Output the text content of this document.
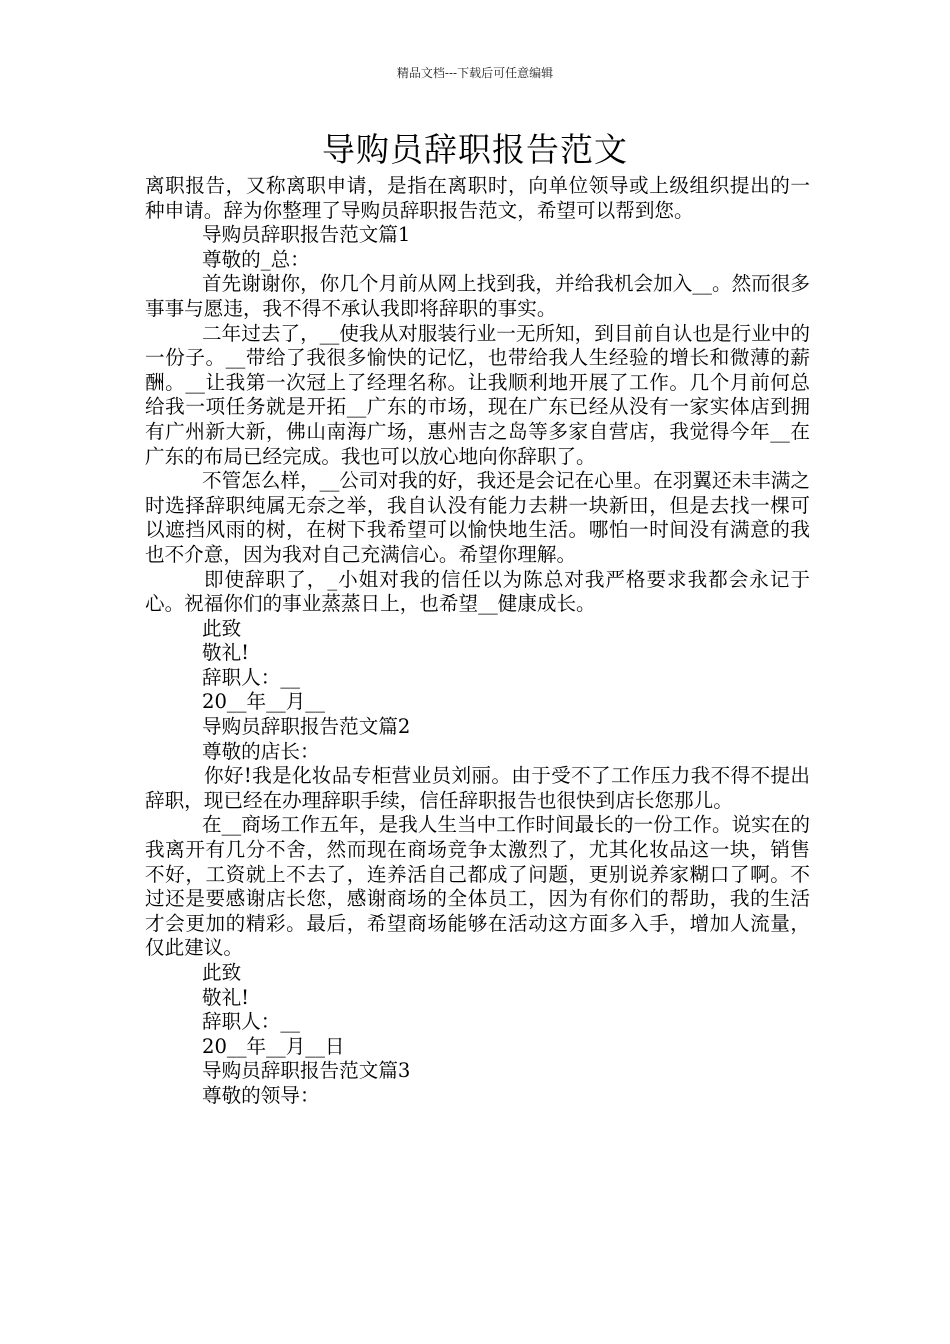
精品文档---下载后可任意编辑
导购员辞职报告范文

离职报告，又称离职申请，是指在离职时，向单位领导或上级组织提出的一种申请。辞为你整理了导购员辞职报告范文，希望可以帮到您。

导购员辞职报告范文篇1

尊敬的_总：

首先谢谢你，你几个月前从网上找到我，并给我机会加入__。然而很多事事与愿违，我不得不承认我即将辞职的事实。

二年过去了，__使我从对服装行业一无所知，到目前自认也是行业中的一份子。__带给了我很多愉快的记忆，也带给我人生经验的增长和微薄的薪酬。__让我第一次冠上了经理名称。让我顺利地开展了工作。几个月前何总给我一项任务就是开拓__广东的市场，现在广东已经从没有一家实体店到拥有广州新大新，佛山南海广场，惠州吉之岛等多家自营店，我觉得今年__在广东的布局已经完成。我也可以放心地向你辞职了。

不管怎么样，__公司对我的好，我还是会记在心里。在羽翼还未丰满之时选择辞职纯属无奈之举，我自认没有能力去耕一块新田，但是去找一棵可以遮挡风雨的树，在树下我希望可以愉快地生活。哪怕一时间没有满意的我也不介意，因为我对自己充满信心。希望你理解。

即使辞职了，_小姐对我的信任以为陈总对我严格要求我都会永记于心。祝福你们的事业蒸蒸日上，也希望__健康成长。

此致

敬礼!

辞职人：__

20__年__月__

导购员辞职报告范文篇2

尊敬的店长：

你好!我是化妆品专柜营业员刘丽。由于受不了工作压力我不得不提出辞职，现已经在办理辞职手续，信任辞职报告也很快到店长您那儿。

在__商场工作五年，是我人生当中工作时间最长的一份工作。说实在的我离开有几分不舍，然而现在商场竞争太激烈了，尤其化妆品这一块，销售不好，工资就上不去了，连养活自己都成了问题，更别说养家糊口了啊。不过还是要感谢店长您，感谢商场的全体员工，因为有你们的帮助，我的生活才会更加的精彩。最后，希望商场能够在活动这方面多入手，增加人流量，仅此建议。

此致

敬礼!

辞职人：__

20__年__月__日

导购员辞职报告范文篇3

尊敬的领导：
